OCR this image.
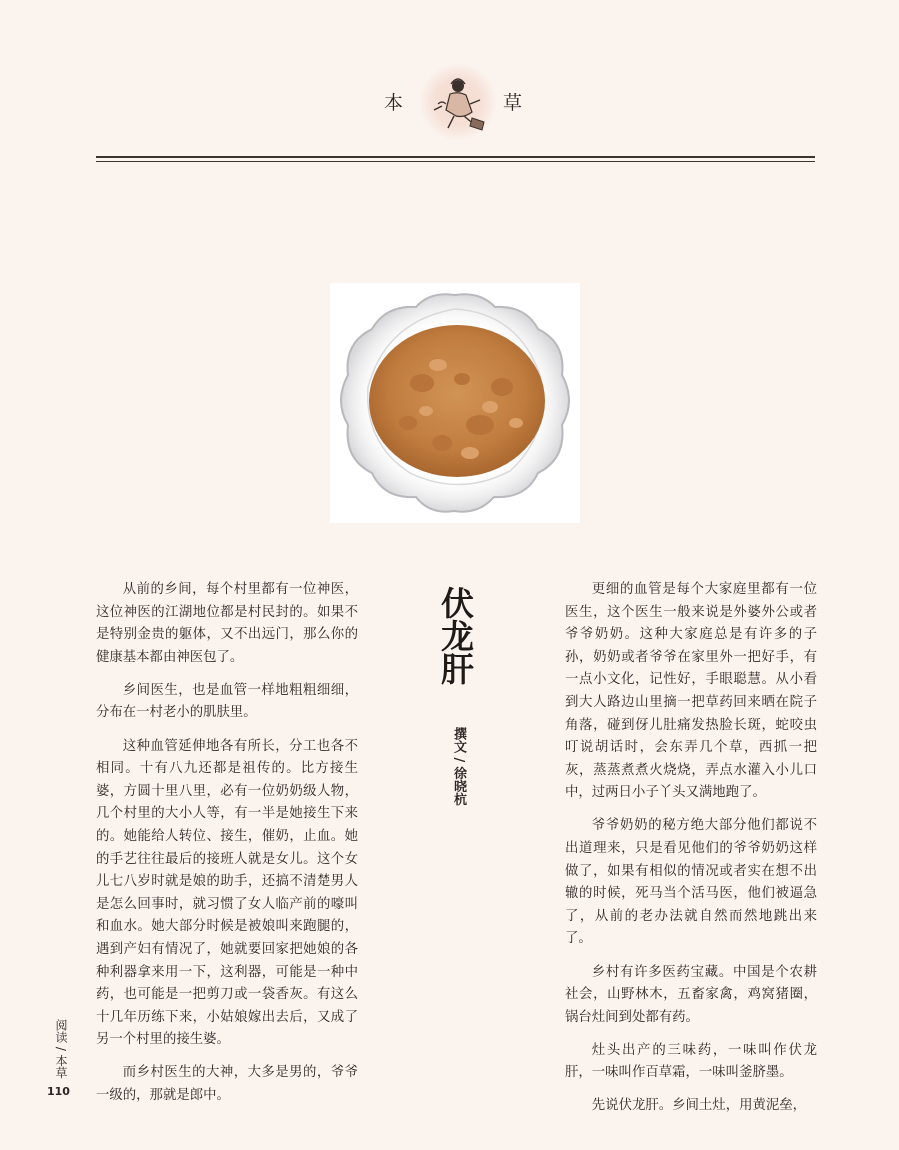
本	草

从前的乡间，每个村里都有一位神医，这位神医的江湖地位都是村民封的。如果不是特别金贵的躯体，又不出远门，那么你的健康基本都由神医包了。

乡间医生，也是血管一样地粗粗细细，分布在一村老小的肌肤里。

这种血管延伸地各有所长，分工也各不相同。十有八九还都是祖传的。比方接生婆，方圆十里八里，必有一位奶奶级人物，几个村里的大小人等，有一半是她接生下来的。她能给人转位、接生，催奶，止血。她的手艺往往最后的接班人就是女儿。这个女儿七八岁时就是娘的助手，还搞不清楚男人是怎么回事时，就习惯了女人临产前的嚎叫和血水。她大部分时候是被娘叫来跑腿的，遇到产妇有情况了，她就要回家把她娘的各种利器拿来用一下，这利器，可能是一种中药，也可能是一把剪刀或一袋香灰。有这么十几年历练下来，小姑娘嫁出去后，又成了另一个村里的接生婆。

而乡村医生的大神，大多是男的，爷爷一级的，那就是郎中。

伏龙肝
撰文 / 徐晓杭

更细的血管是每个大家庭里都有一位医生，这个医生一般来说是外婆外公或者爷爷奶奶。这种大家庭总是有许多的子孙，奶奶或者爷爷在家里外一把好手，有一点小文化，记性好，手眼聪慧。从小看到大人路边山里摘一把草药回来晒在院子角落，碰到伢儿肚痛发热脸长斑，蛇咬虫叮说胡话时，会东弄几个草，西抓一把灰，蒸蒸煮煮火烧烧，弄点水灌入小儿口中，过两日小子丫头又满地跑了。

爷爷奶奶的秘方绝大部分他们都说不出道理来，只是看见他们的爷爷奶奶这样做了，如果有相似的情况或者实在想不出辙的时候，死马当个活马医，他们被逼急了，从前的老办法就自然而然地跳出来了。

乡村有许多医药宝藏。中国是个农耕社会，山野林木，五畜家禽，鸡窝猪圈，锅台灶间到处都有药。

灶头出产的三味药，一味叫作伏龙肝，一味叫作百草霜，一味叫釜脐墨。

先说伏龙肝。乡间土灶，用黄泥垒，

阅读 / 本草
110
